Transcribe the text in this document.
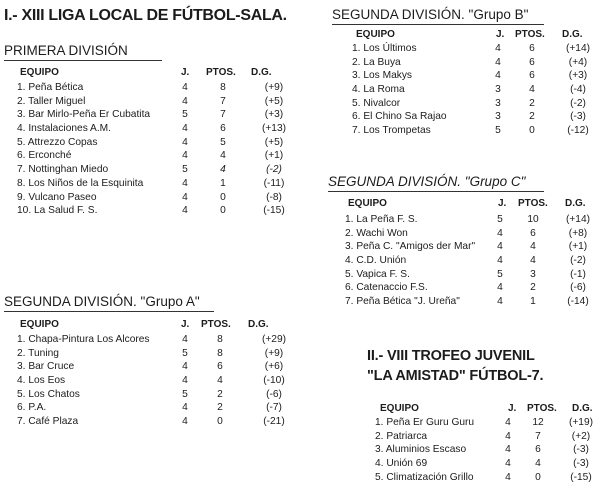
I.- XIII LIGA LOCAL DE FÚTBOL-SALA.
PRIMERA DIVISIÓN
EQUIPO	J. PTOS. D.G.
1. Peña Bética	4	8	(+9)
2. Taller Miguel	4	7	(+5)
3. Bar Mirlo-Peña Er Cubatita	5	7	(+3)
4. Instalaciones A.M.	4	6	(+13)
5. Attrezzo Copas	4	5	(+5)
6. Erconché	4	4	(+1)
7. Nottinghan Miedo	5	4	(-2)
8. Los Niños de la Esquinita	4	1	(-11)
9. Vulcano Paseo	4	0	(-8)
10. La Salud F. S.	4	0	(-15)
SEGUNDA DIVISIÓN. "Grupo A"
EQUIPO	J. PTOS. D.G.
1. Chapa-Pintura Los Alcores	4	8	(+29)
2. Tuning	5	8	(+9)
3. Bar Cruce	4	6	(+6)
4. Los Eos	4	4	(-10)
5. Los Chatos	5	2	(-6)
6. P.A.	4	2	(-7)
7. Café Plaza	4	0	(-21)
SEGUNDA DIVISIÓN. "Grupo B"
EQUIPO	J. PTOS. D.G.
1. Los Últimos	4	6	(+14)
2. La Buya	4	6	(+4)
3. Los Makys	4	6	(+3)
4. La Roma	3	4	(-4)
5. Nivalcor	3	2	(-2)
6. El Chino Sa Rajao	3	2	(-3)
7. Los Trompetas	5	0	(-12)
SEGUNDA DIVISIÓN. "Grupo C"
EQUIPO	J. PTOS. D.G.
1. La Peña F. S.	5	10	(+14)
2. Wachi Won	4	6	(+8)
3. Peña C. "Amigos der Mar"	4	4	(+1)
4. C.D. Unión	4	4	(-2)
5. Vapica F. S.	5	3	(-1)
6. Catenaccio F.S.	4	2	(-6)
7. Peña Bética "J. Ureña"	4	1	(-14)
II.- VIII TROFEO JUVENIL
"LA AMISTAD" FÚTBOL-7.
EQUIPO	J. PTOS. D.G.
1. Peña Er Guru Guru	4	12	(+19)
2. Patriarca	4	7	(+2)
3. Aluminios Escaso	4	6	(-3)
4. Unión 69	4	4	(-3)
5. Climatización Grillo	4	0	(-15)
